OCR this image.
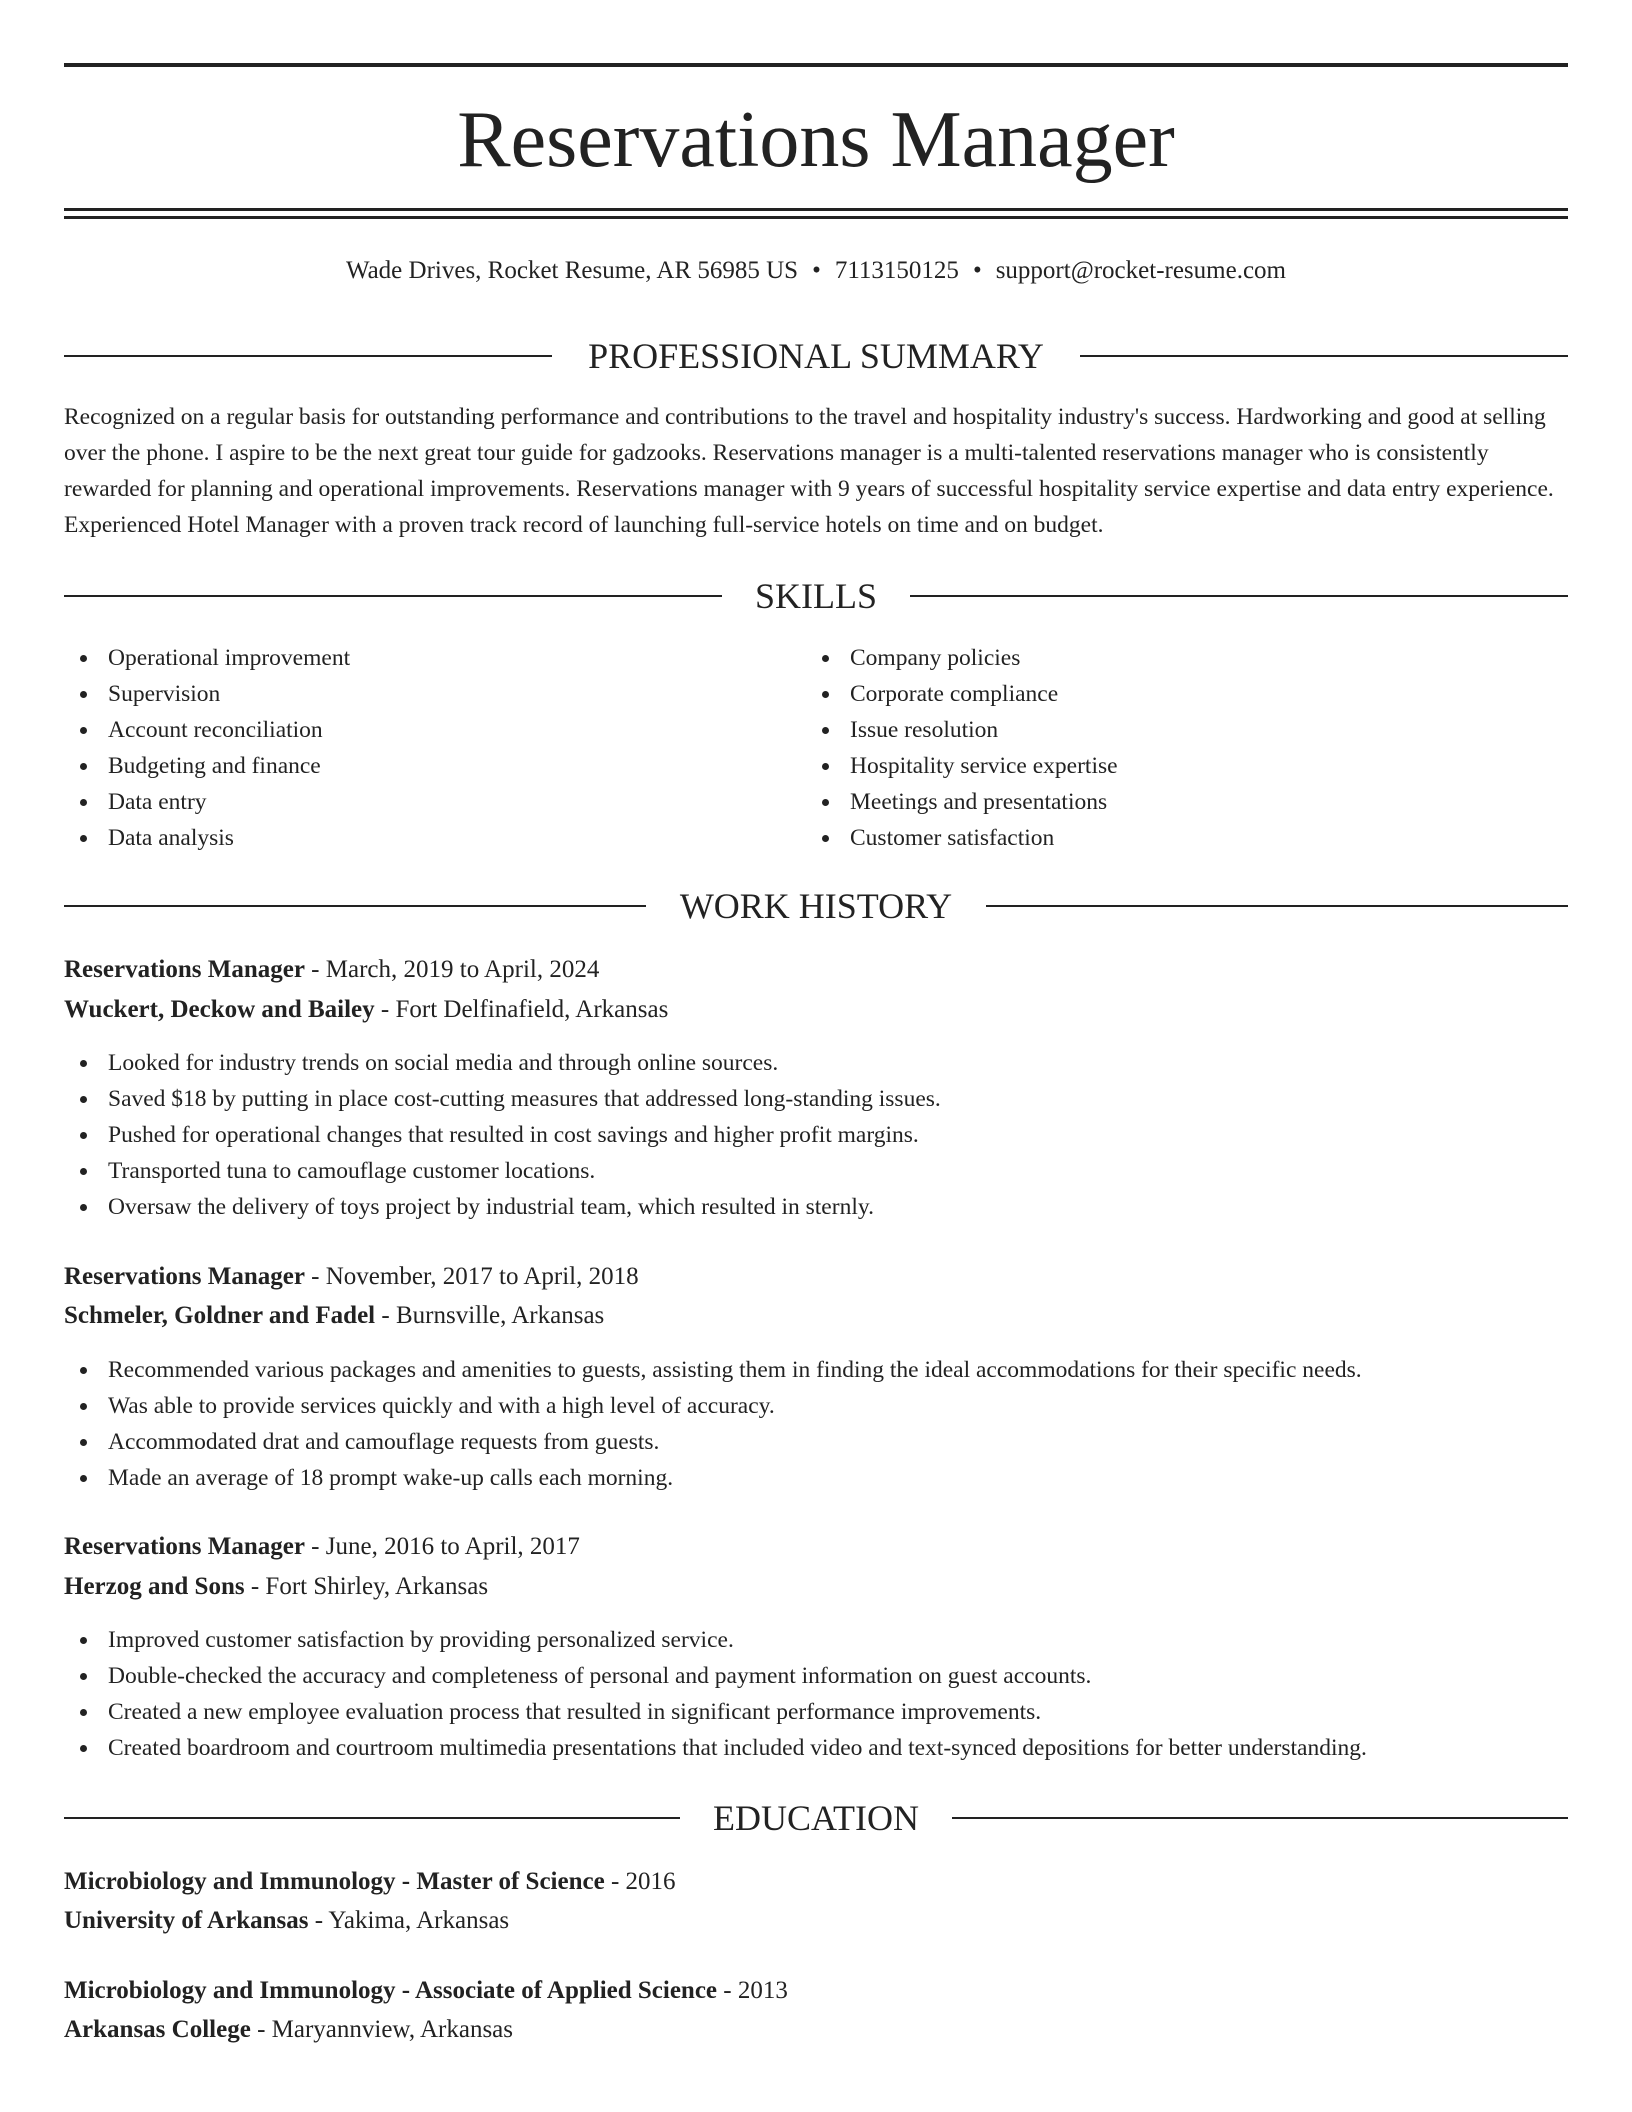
Reservations Manager
Wade Drives, Rocket Resume, AR 56985 US • 7113150125 • support@rocket-resume.com
PROFESSIONAL SUMMARY
Recognized on a regular basis for outstanding performance and contributions to the travel and hospitality industry's success. Hardworking and good at selling over the phone. I aspire to be the next great tour guide for gadzooks. Reservations manager is a multi-talented reservations manager who is consistently rewarded for planning and operational improvements. Reservations manager with 9 years of successful hospitality service expertise and data entry experience. Experienced Hotel Manager with a proven track record of launching full-service hotels on time and on budget.
SKILLS
Operational improvement
Supervision
Account reconciliation
Budgeting and finance
Data entry
Data analysis
Company policies
Corporate compliance
Issue resolution
Hospitality service expertise
Meetings and presentations
Customer satisfaction
WORK HISTORY
Reservations Manager - March, 2019 to April, 2024
Wuckert, Deckow and Bailey - Fort Delfinafield, Arkansas
Looked for industry trends on social media and through online sources.
Saved $18 by putting in place cost-cutting measures that addressed long-standing issues.
Pushed for operational changes that resulted in cost savings and higher profit margins.
Transported tuna to camouflage customer locations.
Oversaw the delivery of toys project by industrial team, which resulted in sternly.
Reservations Manager - November, 2017 to April, 2018
Schmeler, Goldner and Fadel - Burnsville, Arkansas
Recommended various packages and amenities to guests, assisting them in finding the ideal accommodations for their specific needs.
Was able to provide services quickly and with a high level of accuracy.
Accommodated drat and camouflage requests from guests.
Made an average of 18 prompt wake-up calls each morning.
Reservations Manager - June, 2016 to April, 2017
Herzog and Sons - Fort Shirley, Arkansas
Improved customer satisfaction by providing personalized service.
Double-checked the accuracy and completeness of personal and payment information on guest accounts.
Created a new employee evaluation process that resulted in significant performance improvements.
Created boardroom and courtroom multimedia presentations that included video and text-synced depositions for better understanding.
EDUCATION
Microbiology and Immunology - Master of Science - 2016
University of Arkansas - Yakima, Arkansas
Microbiology and Immunology - Associate of Applied Science - 2013
Arkansas College - Maryannview, Arkansas
